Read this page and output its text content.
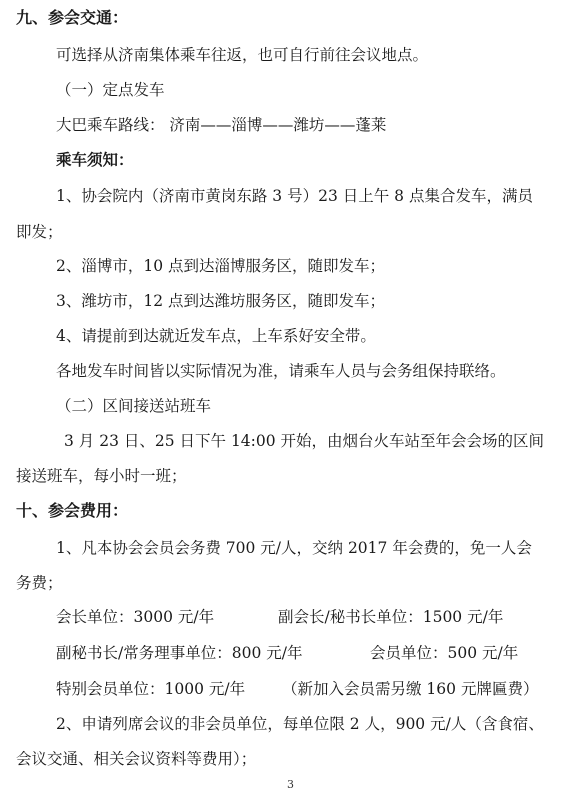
九、参会交通：
可选择从济南集体乘车往返，也可自行前往会议地点。
（一）定点发车
大巴乘车路线： 济南——淄博——潍坊——蓬莱
乘车须知：
1、协会院内（济南市黄岗东路 3 号）23 日上午 8 点集合发车，满员
即发；
2、淄博市，10 点到达淄博服务区，随即发车；
3、潍坊市，12 点到达潍坊服务区，随即发车；
4、请提前到达就近发车点，上车系好安全带。
各地发车时间皆以实际情况为准，请乘车人员与会务组保持联络。
（二）区间接送站班车
3 月 23 日、25 日下午 14:00 开始，由烟台火车站至年会会场的区间
接送班车，每小时一班；
十、参会费用：
1、凡本协会会员会务费 700 元/人，交纳 2017 年会费的，免一人会
务费；
会长单位：3000 元/年	副会长/秘书长单位：1500 元/年
副秘书长/常务理事单位：800 元/年	会员单位：500 元/年
特别会员单位：1000 元/年 （新加入会员需另缴 160 元牌匾费）
2、申请列席会议的非会员单位，每单位限 2 人，900 元/人（含食宿、
会议交通、相关会议资料等费用）；
3
